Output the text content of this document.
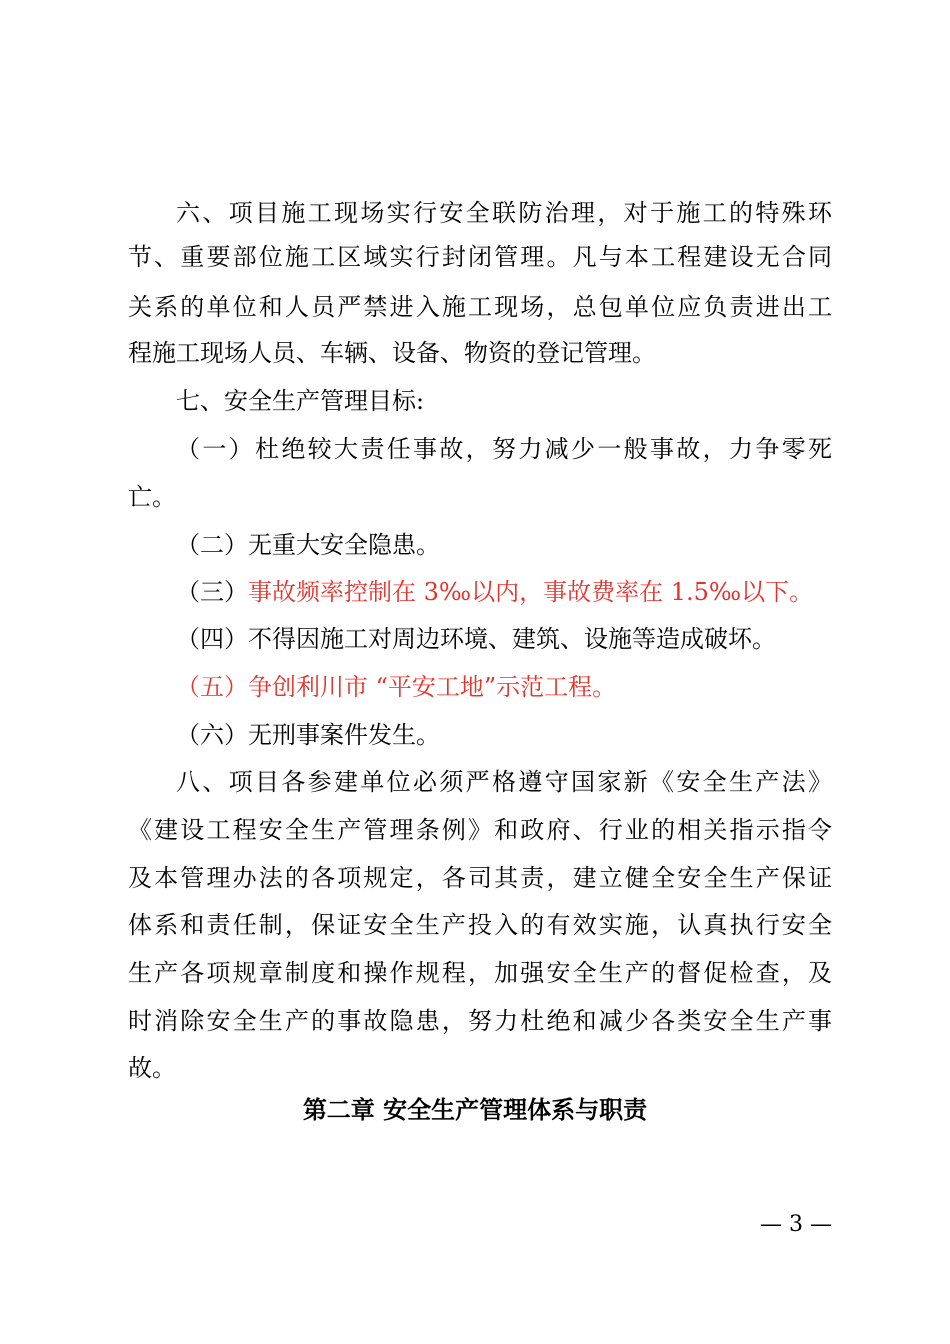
六、项目施工现场实行安全联防治理，对于施工的特殊环
节、重要部位施工区域实行封闭管理。凡与本工程建设无合同
关系的单位和人员严禁进入施工现场，总包单位应负责进出工
程施工现场人员、车辆、设备、物资的登记管理。
七、安全生产管理目标:
（一）杜绝较大责任事故，努力减少一般事故，力争零死
亡。
（二）无重大安全隐患。
（三）事故频率控制在 3‰以内，事故费率在 1.5‰以下。
（四）不得因施工对周边环境、建筑、设施等造成破坏。
（五）争创利川市 “平安工地”示范工程。
（六）无刑事案件发生。
八、项目各参建单位必须严格遵守国家新《安全生产法》
《建设工程安全生产管理条例》和政府、行业的相关指示指令
及本管理办法的各项规定，各司其责，建立健全安全生产保证
体系和责任制，保证安全生产投入的有效实施，认真执行安全
生产各项规章制度和操作规程，加强安全生产的督促检查，及
时消除安全生产的事故隐患，努力杜绝和减少各类安全生产事
故。
第二章 安全生产管理体系与职责
— 3 —
